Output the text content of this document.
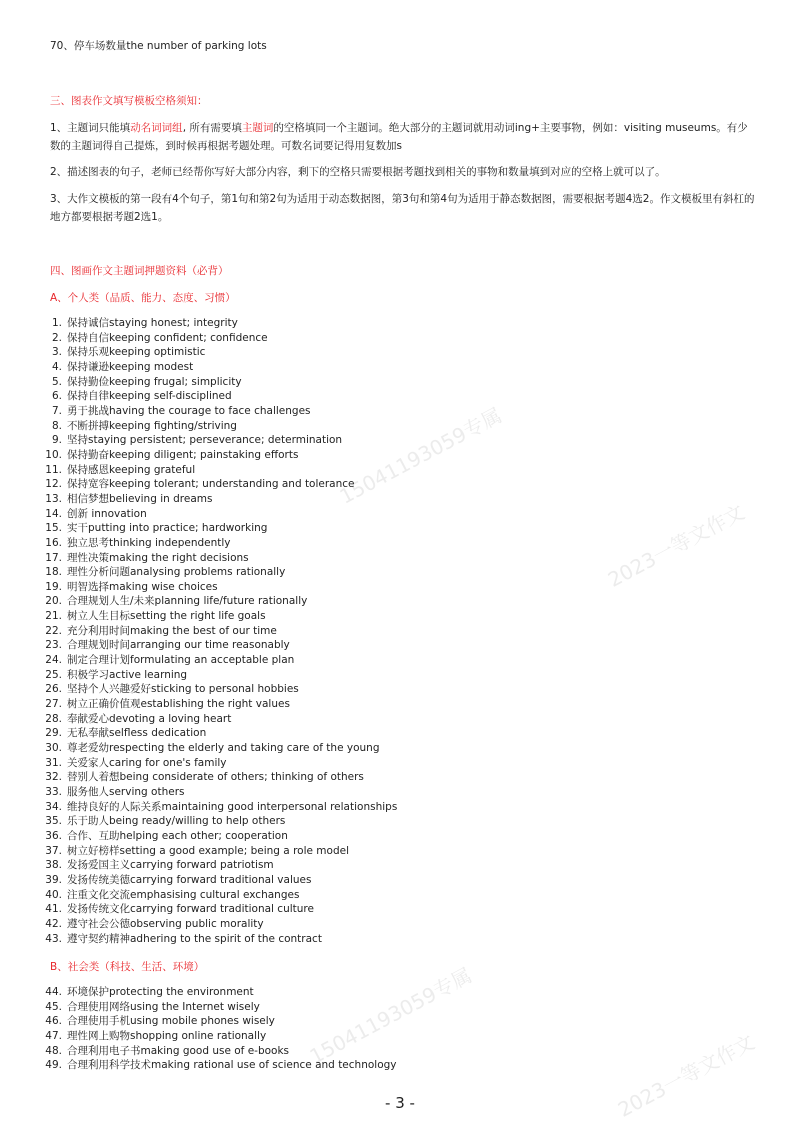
15041193059专属
2023一等文作文
15041193059专属
2023一等文作文
70、停车场数量the number of parking lots
三、图表作文填写模板空格须知：
1、主题词只能填动名词词组, 所有需要填主题词的空格填同一个主题词。绝大部分的主题词就用动词ing+主要事物，例如：visiting museums。有少数的主题词得自己提炼，到时候再根据考题处理。可数名词要记得用复数加s
2、描述图表的句子，老师已经帮你写好大部分内容，剩下的空格只需要根据考题找到相关的事物和数量填到对应的空格上就可以了。
3、大作文模板的第一段有4个句子，第1句和第2句为适用于动态数据图，第3句和第4句为适用于静态数据图，需要根据考题4选2。作文模板里有斜杠的地方都要根据考题2选1。
四、图画作文主题词押题资料（必背）
A、个人类（品质、能力、态度、习惯）
1. 保持诚信staying honest; integrity
2. 保持自信keeping confident; confidence
3. 保持乐观keeping optimistic
4. 保持谦逊keeping modest
5. 保持勤俭keeping frugal; simplicity
6. 保持自律keeping self-disciplined
7. 勇于挑战having the courage to face challenges
8. 不断拼搏keeping fighting/striving
9. 坚持staying persistent; perseverance; determination
10. 保持勤奋keeping diligent; painstaking efforts
11. 保持感恩keeping grateful
12. 保持宽容keeping tolerant; understanding and tolerance
13. 相信梦想believing in dreams
14. 创新 innovation
15. 实干putting into practice; hardworking
16. 独立思考thinking independently
17. 理性决策making the right decisions
18. 理性分析问题analysing problems rationally
19. 明智选择making wise choices
20. 合理规划人生/未来planning life/future rationally
21. 树立人生目标setting the right life goals
22. 充分利用时间making the best of our time
23. 合理规划时间arranging our time reasonably
24. 制定合理计划formulating an acceptable plan
25. 积极学习active learning
26. 坚持个人兴趣爱好sticking to personal hobbies
27. 树立正确价值观establishing the right values
28. 奉献爱心devoting a loving heart
29. 无私奉献selfless dedication
30. 尊老爱幼respecting the elderly and taking care of the young
31. 关爱家人caring for one's family
32. 替别人着想being considerate of others; thinking of others
33. 服务他人serving others
34. 维持良好的人际关系maintaining good interpersonal relationships
35. 乐于助人being ready/willing to help others
36. 合作、互助helping each other; cooperation
37. 树立好榜样setting a good example; being a role model
38. 发扬爱国主义carrying forward patriotism
39. 发扬传统美德carrying forward traditional values
40. 注重文化交流emphasising cultural exchanges
41. 发扬传统文化carrying forward traditional culture
42. 遵守社会公德observing public morality
43. 遵守契约精神adhering to the spirit of the contract
B、社会类（科技、生活、环境）
44. 环境保护protecting the environment
45. 合理使用网络using the Internet wisely
46. 合理使用手机using mobile phones wisely
47. 理性网上购物shopping online rationally
48. 合理利用电子书making good use of e-books
49. 合理利用科学技术making rational use of science and technology
- 3 -
